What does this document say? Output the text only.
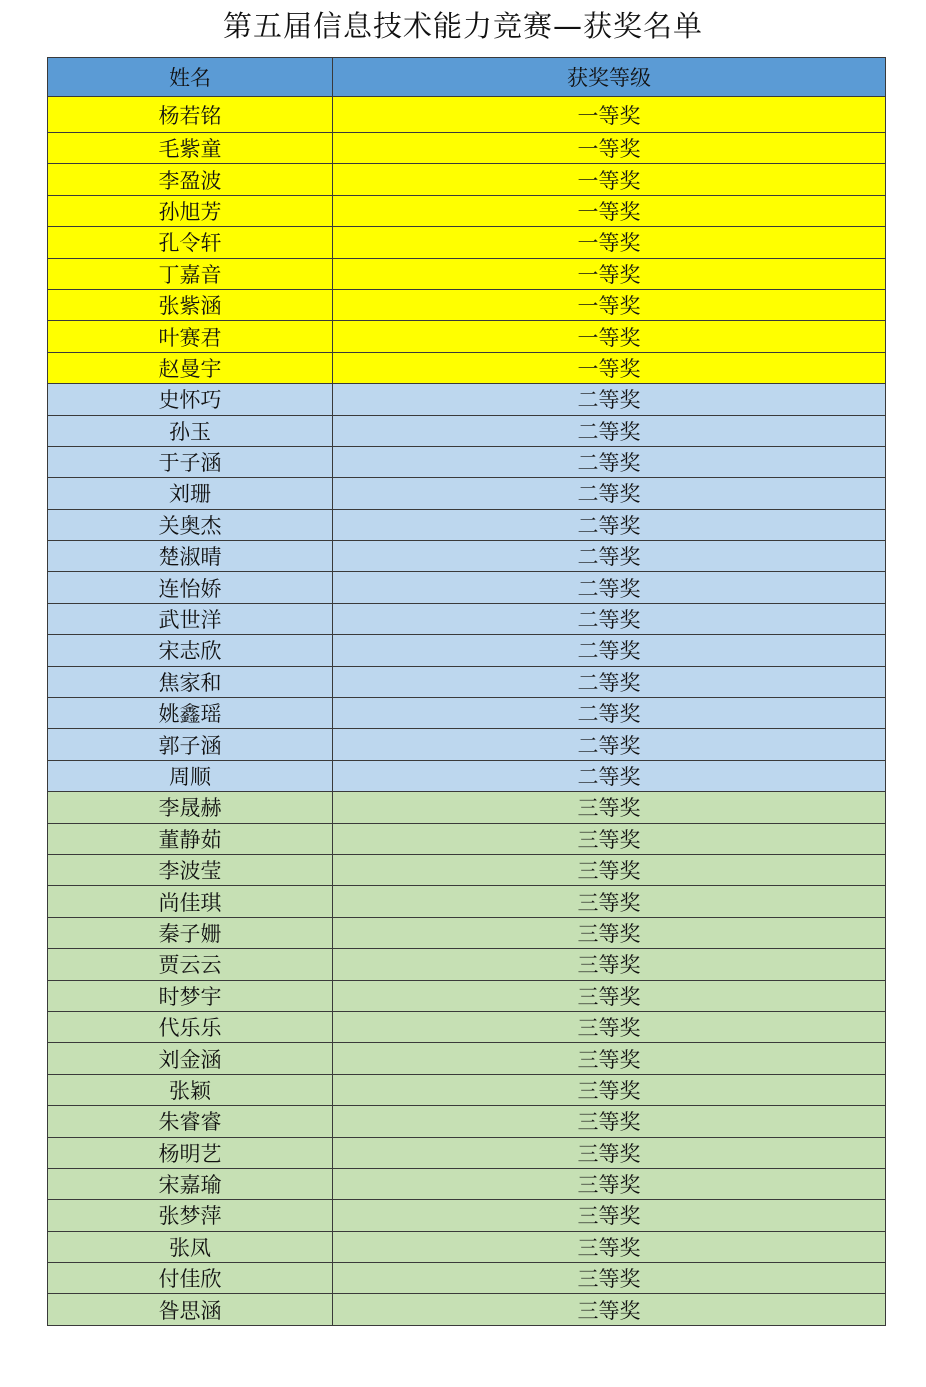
第五届信息技术能力竞赛—获奖名单
姓名	获奖等级
杨若铭	一等奖
毛紫童	一等奖
李盈波	一等奖
孙旭芳	一等奖
孔令轩	一等奖
丁嘉音	一等奖
张紫涵	一等奖
叶赛君	一等奖
赵曼宇	一等奖
史怀巧	二等奖
孙玉	二等奖
于子涵	二等奖
刘珊	二等奖
关奥杰	二等奖
楚淑晴	二等奖
连怡娇	二等奖
武世洋	二等奖
宋志欣	二等奖
焦家和	二等奖
姚鑫瑶	二等奖
郭子涵	二等奖
周顺	二等奖
李晟赫	三等奖
董静茹	三等奖
李波莹	三等奖
尚佳琪	三等奖
秦子姗	三等奖
贾云云	三等奖
时梦宇	三等奖
代乐乐	三等奖
刘金涵	三等奖
张颖	三等奖
朱睿睿	三等奖
杨明艺	三等奖
宋嘉瑜	三等奖
张梦萍	三等奖
张凤	三等奖
付佳欣	三等奖
昝思涵	三等奖
